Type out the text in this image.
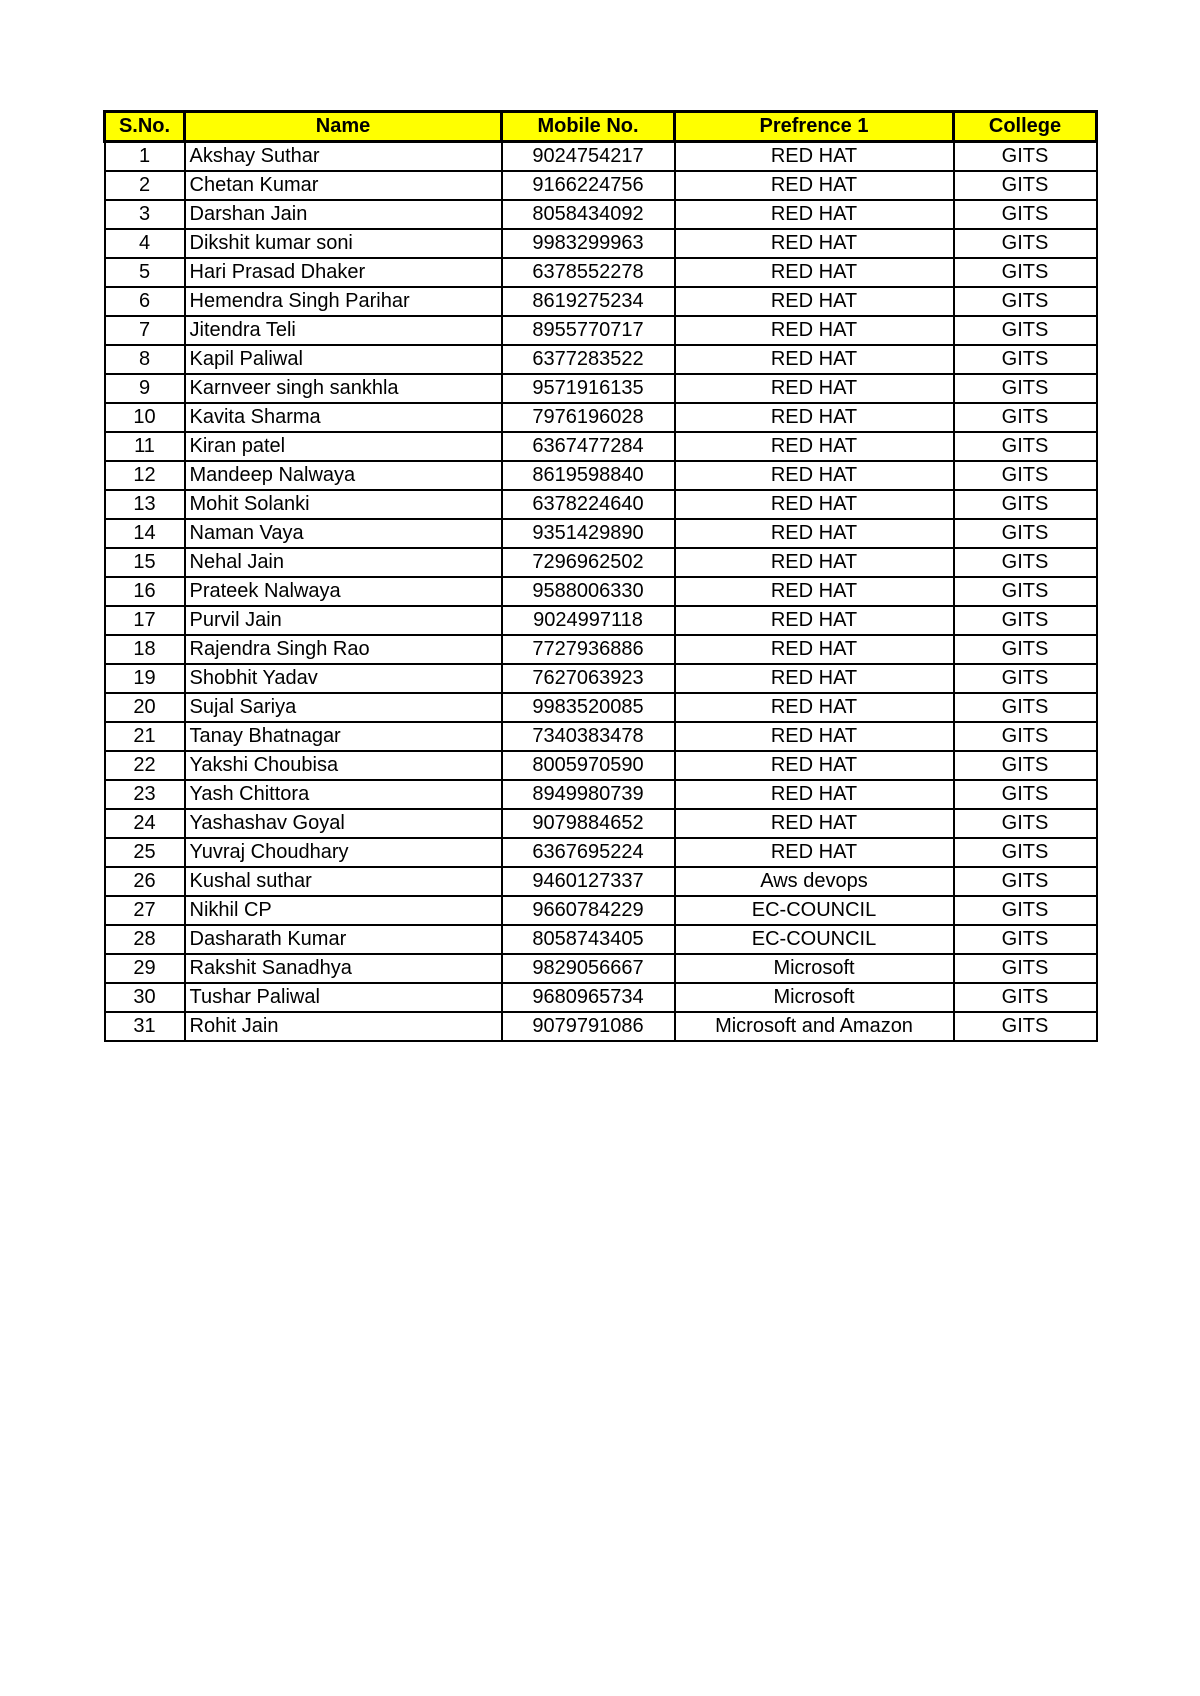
S.No.	Name	Mobile No.	Prefrence 1	College
1	Akshay Suthar	9024754217	RED HAT	GITS
2	Chetan Kumar	9166224756	RED HAT	GITS
3	Darshan Jain	8058434092	RED HAT	GITS
4	Dikshit kumar soni	9983299963	RED HAT	GITS
5	Hari Prasad Dhaker	6378552278	RED HAT	GITS
6	Hemendra Singh Parihar	8619275234	RED HAT	GITS
7	Jitendra Teli	8955770717	RED HAT	GITS
8	Kapil Paliwal	6377283522	RED HAT	GITS
9	Karnveer singh sankhla	9571916135	RED HAT	GITS
10	Kavita Sharma	7976196028	RED HAT	GITS
11	Kiran patel	6367477284	RED HAT	GITS
12	Mandeep Nalwaya	8619598840	RED HAT	GITS
13	Mohit Solanki	6378224640	RED HAT	GITS
14	Naman Vaya	9351429890	RED HAT	GITS
15	Nehal Jain	7296962502	RED HAT	GITS
16	Prateek Nalwaya	9588006330	RED HAT	GITS
17	Purvil Jain	9024997118	RED HAT	GITS
18	Rajendra Singh Rao	7727936886	RED HAT	GITS
19	Shobhit Yadav	7627063923	RED HAT	GITS
20	Sujal Sariya	9983520085	RED HAT	GITS
21	Tanay Bhatnagar	7340383478	RED HAT	GITS
22	Yakshi Choubisa	8005970590	RED HAT	GITS
23	Yash Chittora	8949980739	RED HAT	GITS
24	Yashashav Goyal	9079884652	RED HAT	GITS
25	Yuvraj Choudhary	6367695224	RED HAT	GITS
26	Kushal suthar	9460127337	Aws devops	GITS
27	Nikhil CP	9660784229	EC-COUNCIL	GITS
28	Dasharath Kumar	8058743405	EC-COUNCIL	GITS
29	Rakshit Sanadhya	9829056667	Microsoft	GITS
30	Tushar Paliwal	9680965734	Microsoft	GITS
31	Rohit Jain	9079791086	Microsoft and Amazon	GITS
